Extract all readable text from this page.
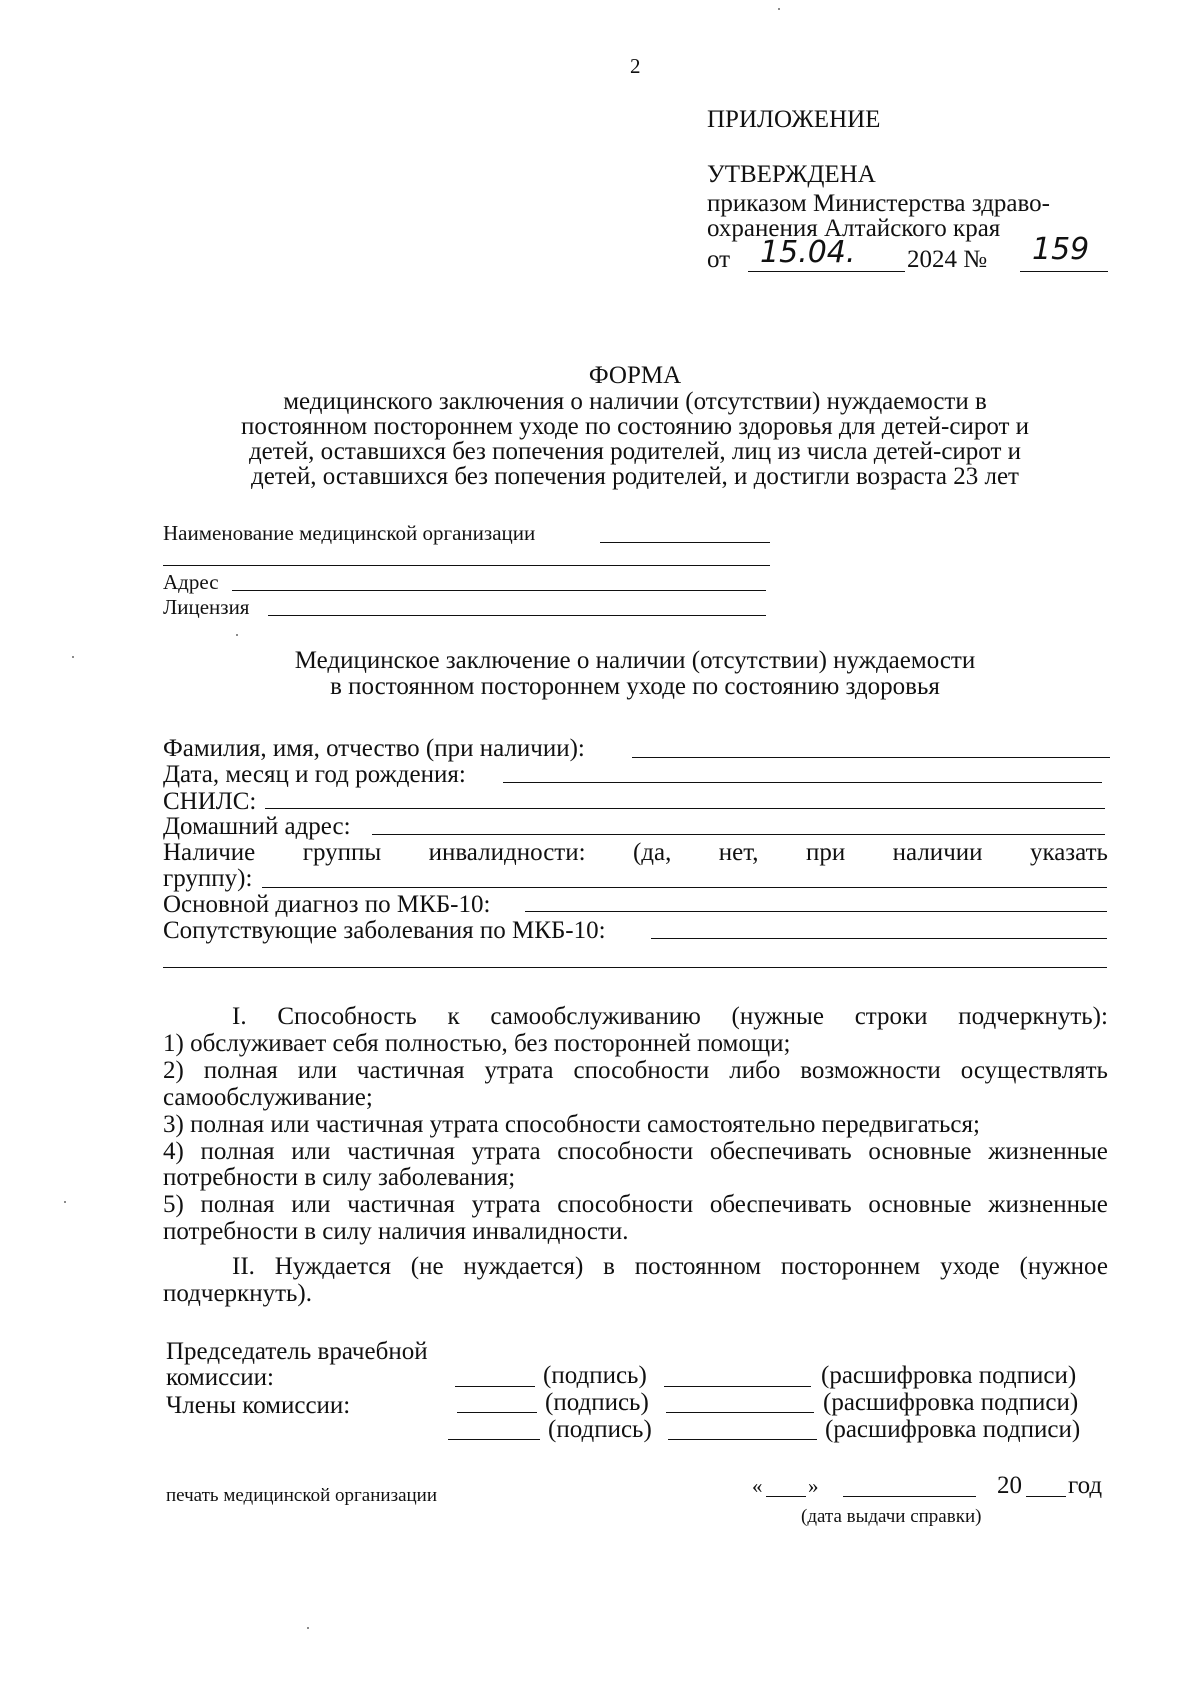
2
ПРИЛОЖЕНИЕ
УТВЕРЖДЕНА
приказом Министерства здраво-
охранения Алтайского края
от 15.04. 2024 № 159
ФОРМА
медицинского заключения о наличии (отсутствии) нуждаемости в
постоянном постороннем уходе по состоянию здоровья для детей-сирот и
детей, оставшихся без попечения родителей, лиц из числа детей-сирот и
детей, оставшихся без попечения родителей, и достигли возраста 23 лет
Наименование медицинской организации
Адрес
Лицензия
Медицинское заключение о наличии (отсутствии) нуждаемости
в постоянном постороннем уходе по состоянию здоровья
Фамилия, имя, отчество (при наличии):
Дата, месяц и год рождения:
СНИЛС:
Домашний адрес:
Наличие группы инвалидности: (да, нет, при наличии указать
группу):
Основной диагноз по МКБ-10:
Сопутствующие заболевания по МКБ-10:
I. Способность к самообслуживанию (нужные строки подчеркнуть):
1) обслуживает себя полностью, без посторонней помощи;
2) полная или частичная утрата способности либо возможности осуществлять
самообслуживание;
3) полная или частичная утрата способности самостоятельно передвигаться;
4) полная или частичная утрата способности обеспечивать основные жизненные
потребности в силу заболевания;
5) полная или частичная утрата способности обеспечивать основные жизненные
потребности в силу наличия инвалидности.
II. Нуждается (не нуждается) в постоянном постороннем уходе (нужное
подчеркнуть).
Председатель врачебной
комиссии:
Члены комиссии:
(подпись)	(расшифровка подписи)
(подпись)	(расшифровка подписи)
(подпись)	(расшифровка подписи)
печать медицинской организации	« »	20 год
(дата выдачи справки)
